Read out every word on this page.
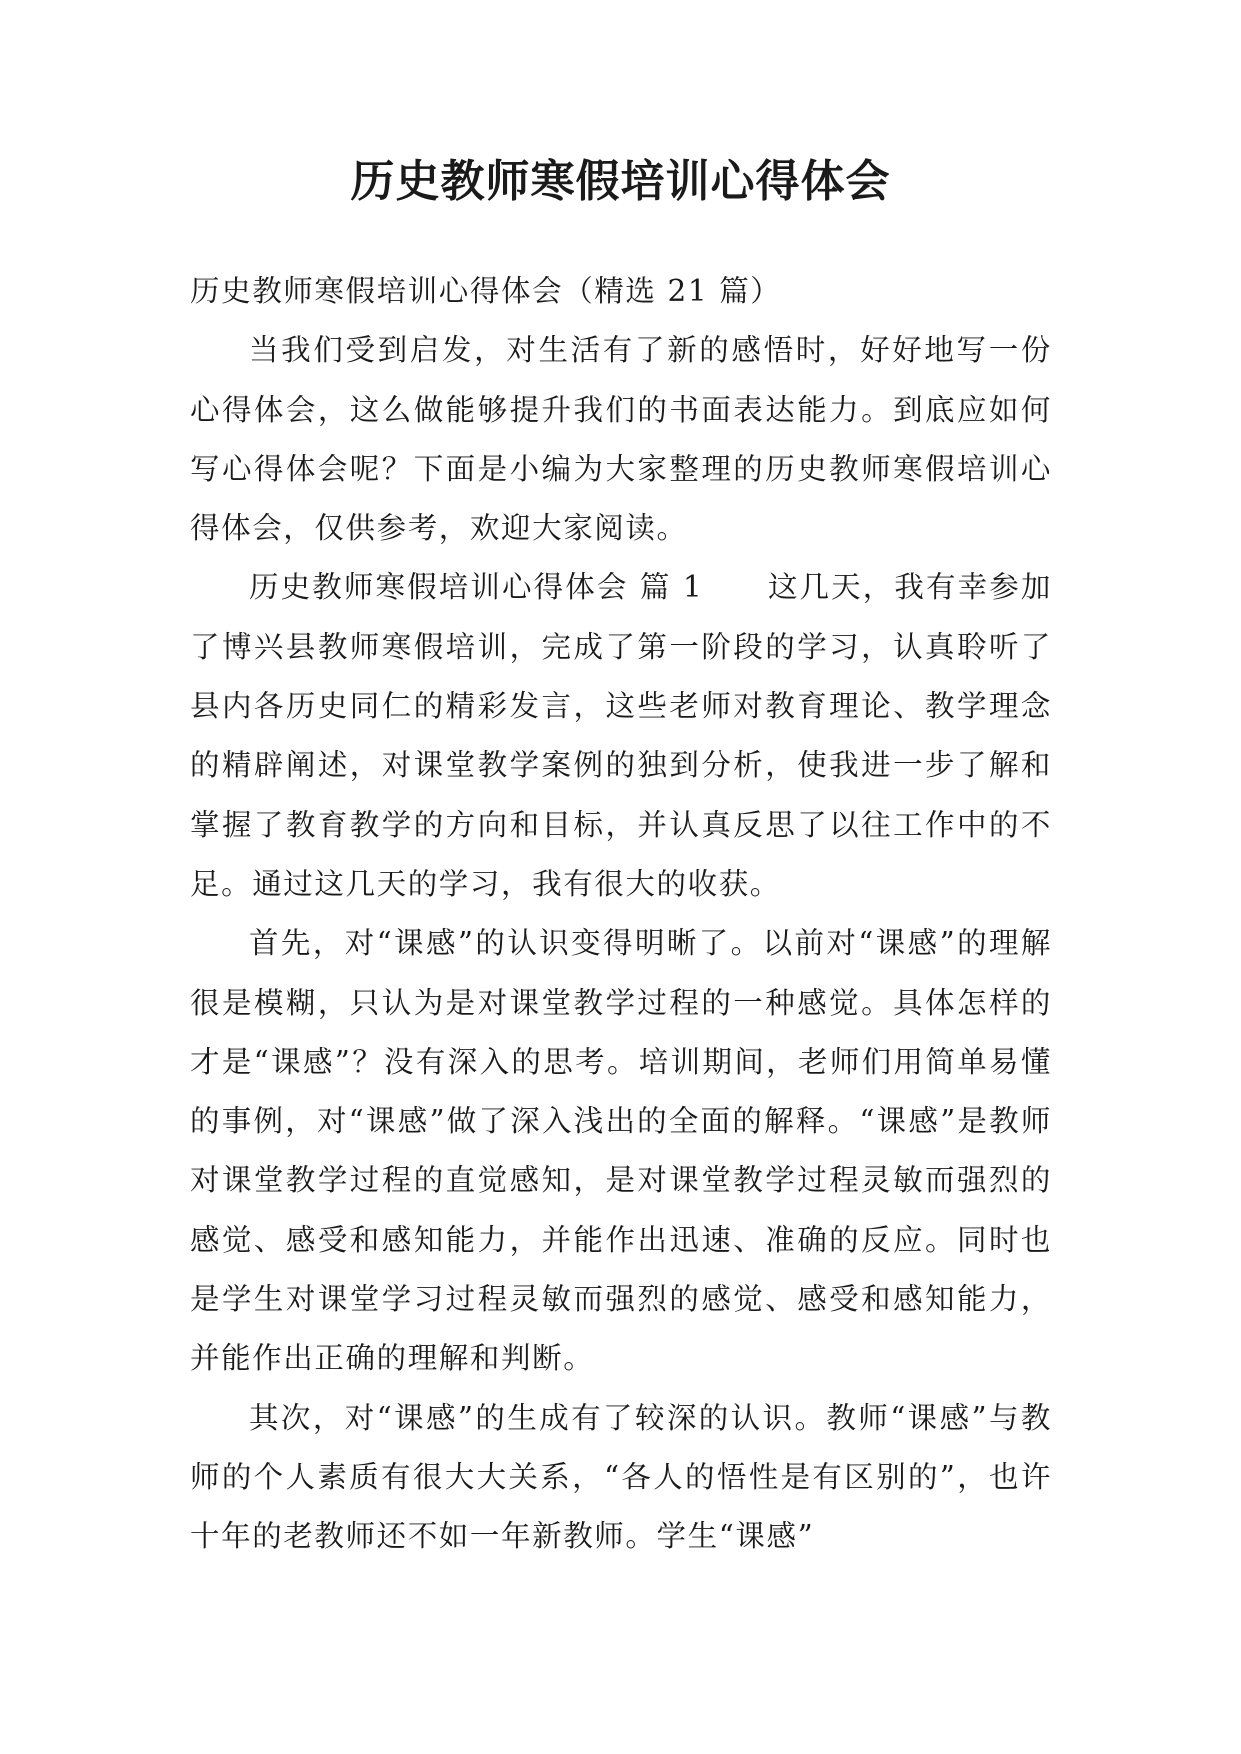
历史教师寒假培训心得体会

历史教师寒假培训心得体会（精选 21 篇）

当我们受到启发，对生活有了新的感悟时，好好地写一份心得体会，这么做能够提升我们的书面表达能力。到底应如何写心得体会呢？下面是小编为大家整理的历史教师寒假培训心得体会，仅供参考，欢迎大家阅读。

历史教师寒假培训心得体会 篇 1 这几天，我有幸参加了博兴县教师寒假培训，完成了第一阶段的学习，认真聆听了县内各历史同仁的精彩发言，这些老师对教育理论、教学理念的精辟阐述，对课堂教学案例的独到分析，使我进一步了解和掌握了教育教学的方向和目标，并认真反思了以往工作中的不足。通过这几天的学习，我有很大的收获。

首先，对“课感”的认识变得明晰了。以前对“课感”的理解很是模糊，只认为是对课堂教学过程的一种感觉。具体怎样的才是“课感”？没有深入的思考。培训期间，老师们用简单易懂的事例，对“课感”做了深入浅出的全面的解释。“课感”是教师对课堂教学过程的直觉感知，是对课堂教学过程灵敏而强烈的感觉、感受和感知能力，并能作出迅速、准确的反应。同时也是学生对课堂学习过程灵敏而强烈的感觉、感受和感知能力，并能作出正确的理解和判断。

其次，对“课感”的生成有了较深的认识。教师“课感”与教师的个人素质有很大大关系，“各人的悟性是有区别的”，也许十年的老教师还不如一年新教师。学生“课感”
